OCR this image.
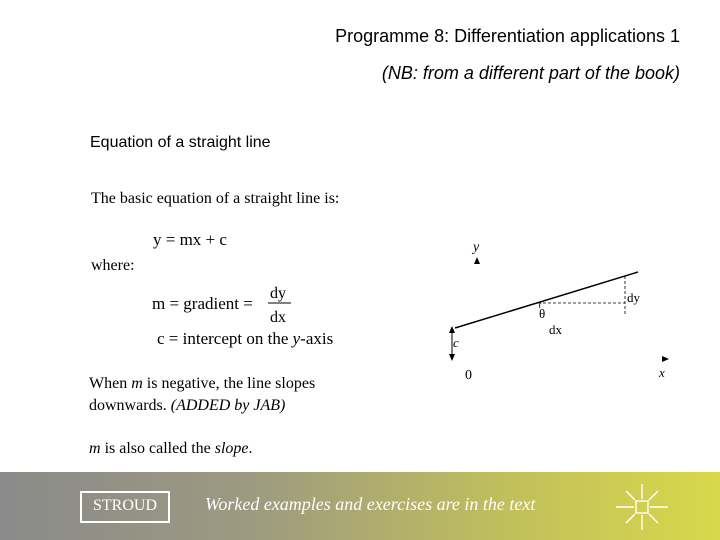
Programme 8: Differentiation applications 1
(NB: from a different part of the book)
Equation of a straight line
The basic equation of a straight line is:
where:
y = mx + c
m = gradient =
dy
dx
c = intercept on the y-axis
When m is negative, the line slopes
downwards. (ADDED by JAB)
m is also called the slope.
y
c
dy
θ
dx
0	x
STROUD	Worked examples and exercises are in the text
